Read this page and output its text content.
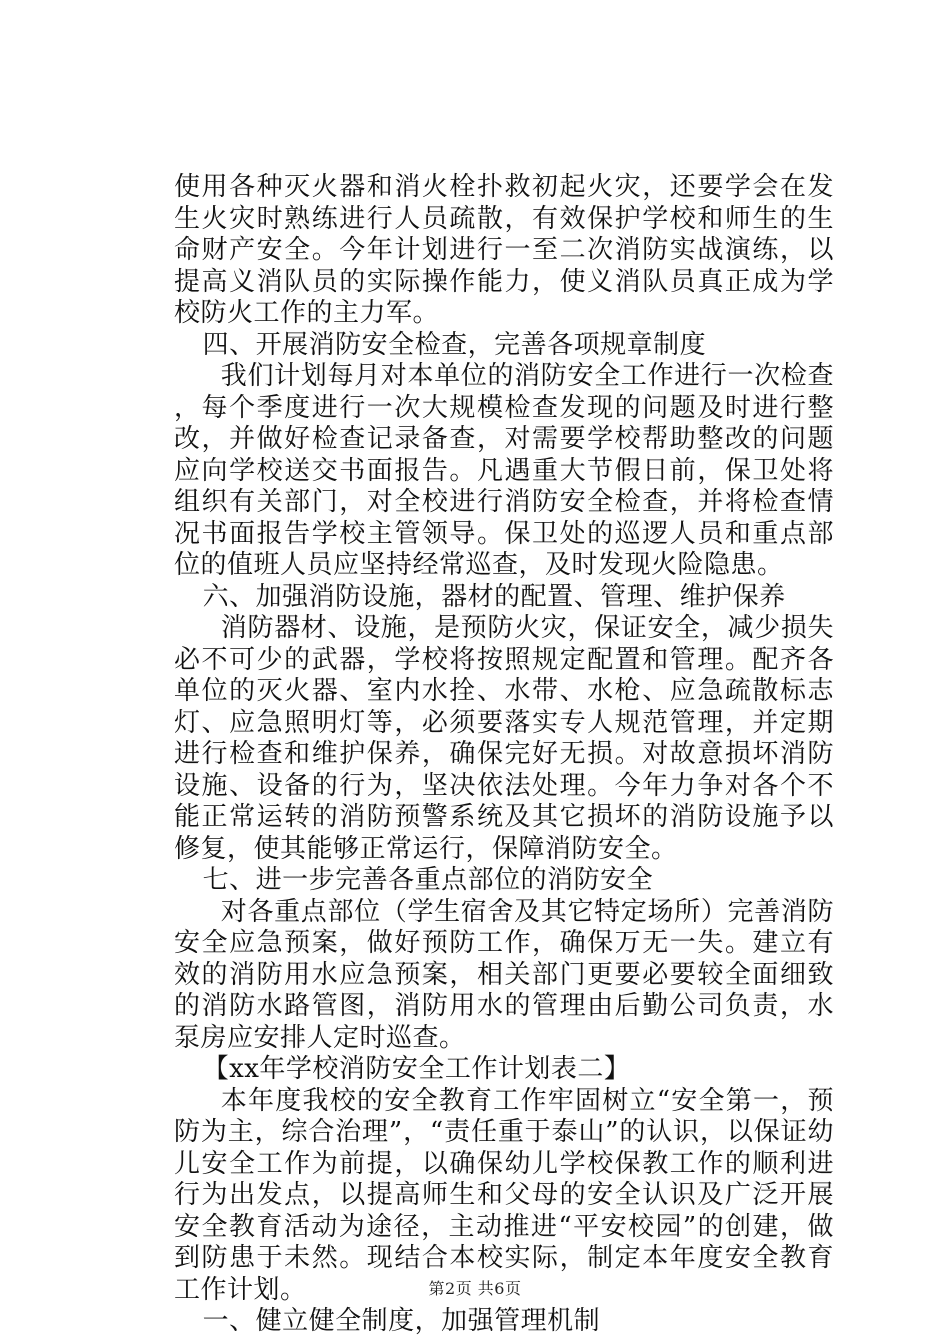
使用各种灭火器和消火栓扑救初起火灾，还要学会在发生火灾时熟练进行人员疏散，有效保护学校和师生的生命财产安全。今年计划进行一至二次消防实战演练，以提高义消队员的实际操作能力，使义消队员真正成为学校防火工作的主力军。

四、开展消防安全检查，完善各项规章制度

我们计划每月对本单位的消防安全工作进行一次检查，每个季度进行一次大规模检查发现的问题及时进行整改，并做好检查记录备查，对需要学校帮助整改的问题应向学校送交书面报告。凡遇重大节假日前，保卫处将组织有关部门，对全校进行消防安全检查，并将检查情况书面报告学校主管领导。保卫处的巡逻人员和重点部位的值班人员应坚持经常巡查，及时发现火险隐患。

六、加强消防设施，器材的配置、管理、维护保养

消防器材、设施，是预防火灾，保证安全，减少损失必不可少的武器，学校将按照规定配置和管理。配齐各单位的灭火器、室内水拴、水带、水枪、应急疏散标志灯、应急照明灯等，必须要落实专人规范管理，并定期进行检查和维护保养，确保完好无损。对故意损坏消防设施、设备的行为，坚决依法处理。今年力争对各个不能正常运转的消防预警系统及其它损坏的消防设施予以修复，使其能够正常运行，保障消防安全。

七、进一步完善各重点部位的消防安全

对各重点部位（学生宿舍及其它特定场所）完善消防安全应急预案，做好预防工作，确保万无一失。建立有效的消防用水应急预案，相关部门更要必要较全面细致的消防水路管图，消防用水的管理由后勤公司负责，水泵房应安排人定时巡查。

【xx年学校消防安全工作计划表二】

本年度我校的安全教育工作牢固树立“安全第一，预防为主，综合治理”，“责任重于泰山”的认识，以保证幼儿安全工作为前提，以确保幼儿学校保教工作的顺利进行为出发点，以提高师生和父母的安全认识及广泛开展安全教育活动为途径，主动推进“平安校园”的创建，做到防患于未然。现结合本校实际，制定本年度安全教育工作计划。

一、健立健全制度，加强管理机制

第2页 共6页
